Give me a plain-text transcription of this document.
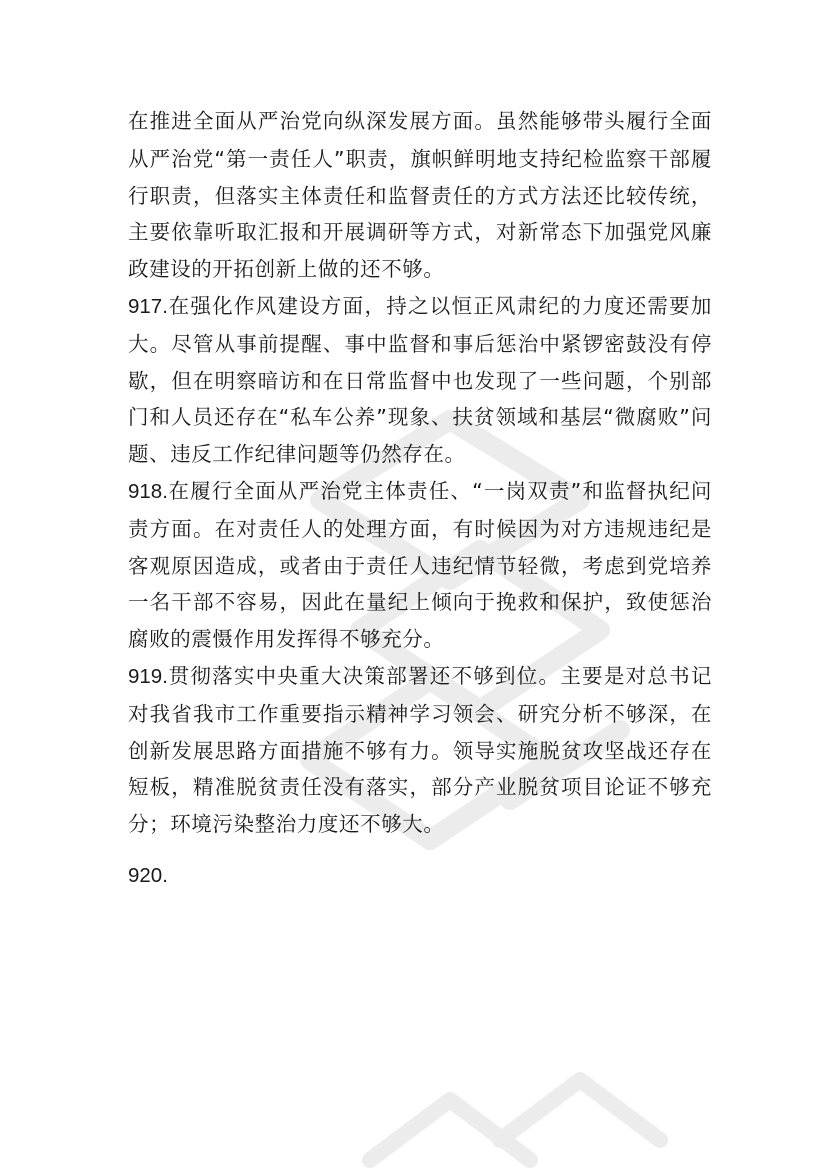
在推进全面从严治党向纵深发展方面。虽然能够带头履行全面从严治党“第一责任人”职责，旗帜鲜明地支持纪检监察干部履行职责，但落实主体责任和监督责任的方式方法还比较传统，主要依靠听取汇报和开展调研等方式，对新常态下加强党风廉政建设的开拓创新上做的还不够。

917.在强化作风建设方面，持之以恒正风肃纪的力度还需要加大。尽管从事前提醒、事中监督和事后惩治中紧锣密鼓没有停歇，但在明察暗访和在日常监督中也发现了一些问题，个别部门和人员还存在“私车公养”现象、扶贫领域和基层“微腐败”问题、违反工作纪律问题等仍然存在。

918.在履行全面从严治党主体责任、“一岗双责”和监督执纪问责方面。在对责任人的处理方面，有时候因为对方违规违纪是客观原因造成，或者由于责任人违纪情节轻微，考虑到党培养一名干部不容易，因此在量纪上倾向于挽救和保护，致使惩治腐败的震慑作用发挥得不够充分。

919.贯彻落实中央重大决策部署还不够到位。主要是对总书记对我省我市工作重要指示精神学习领会、研究分析不够深，在创新发展思路方面措施不够有力。领导实施脱贫攻坚战还存在短板，精准脱贫责任没有落实，部分产业脱贫项目论证不够充分；环境污染整治力度还不够大。

920.
